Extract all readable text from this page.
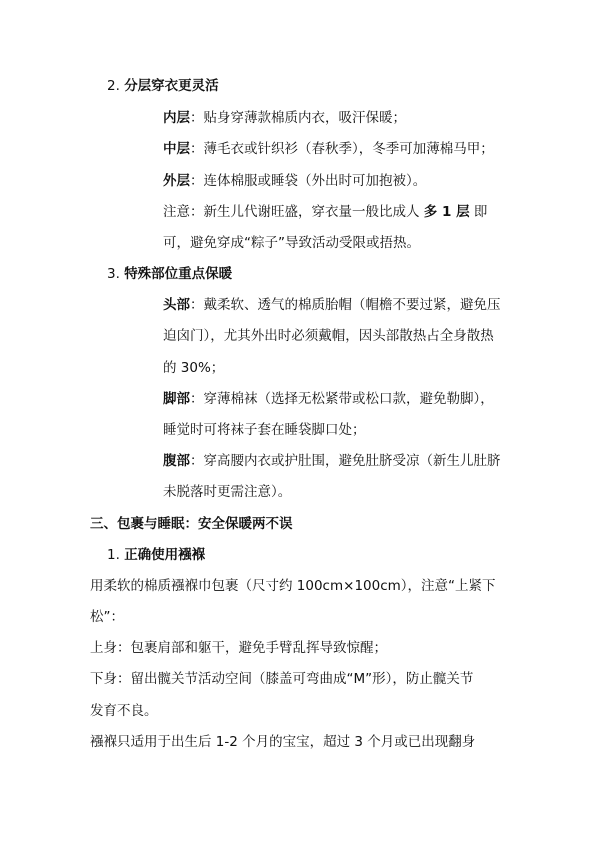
2. 分层穿衣更灵活
内层：贴身穿薄款棉质内衣，吸汗保暖；
中层：薄毛衣或针织衫（春秋季），冬季可加薄棉马甲；
外层：连体棉服或睡袋（外出时可加抱被）。
注意：新生儿代谢旺盛，穿衣量一般比成人 多 1 层 即
可，避免穿成“粽子”导致活动受限或捂热。
3. 特殊部位重点保暖
头部：戴柔软、透气的棉质胎帽（帽檐不要过紧，避免压
迫囟门），尤其外出时必须戴帽，因头部散热占全身散热
的 30%；
脚部：穿薄棉袜（选择无松紧带或松口款，避免勒脚），
睡觉时可将袜子套在睡袋脚口处；
腹部：穿高腰内衣或护肚围，避免肚脐受凉（新生儿肚脐
未脱落时更需注意）。
三、包裹与睡眠：安全保暖两不误
1. 正确使用襁褓
用柔软的棉质襁褓巾包裹（尺寸约 100cm×100cm），注意“上紧下
松”：
上身：包裹肩部和躯干，避免手臂乱挥导致惊醒；
下身：留出髋关节活动空间（膝盖可弯曲成“M”形），防止髋关节
发育不良。
襁褓只适用于出生后 1-2 个月的宝宝，超过 3 个月或已出现翻身
